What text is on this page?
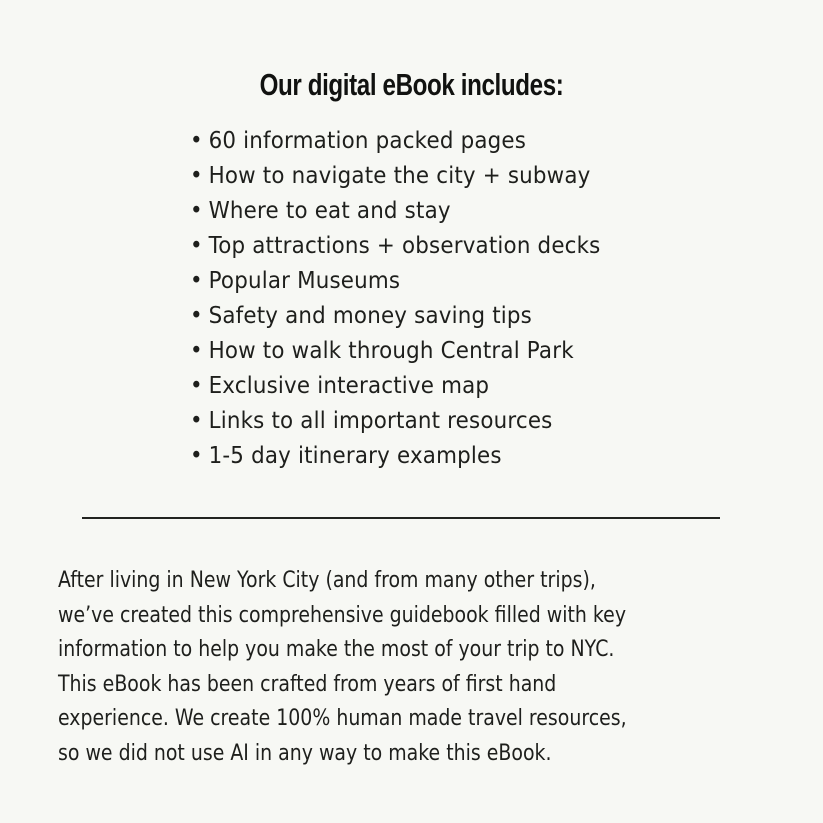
Our digital eBook includes:
• 60 information packed pages
• How to navigate the city + subway
• Where to eat and stay
• Top attractions + observation decks
• Popular Museums
• Safety and money saving tips
• How to walk through Central Park
• Exclusive interactive map
• Links to all important resources
• 1-5 day itinerary examples
After living in New York City (and from many other trips),
we’ve created this comprehensive guidebook filled with key
information to help you make the most of your trip to NYC.
This eBook has been crafted from years of first hand
experience. We create 100% human made travel resources,
so we did not use AI in any way to make this eBook.
